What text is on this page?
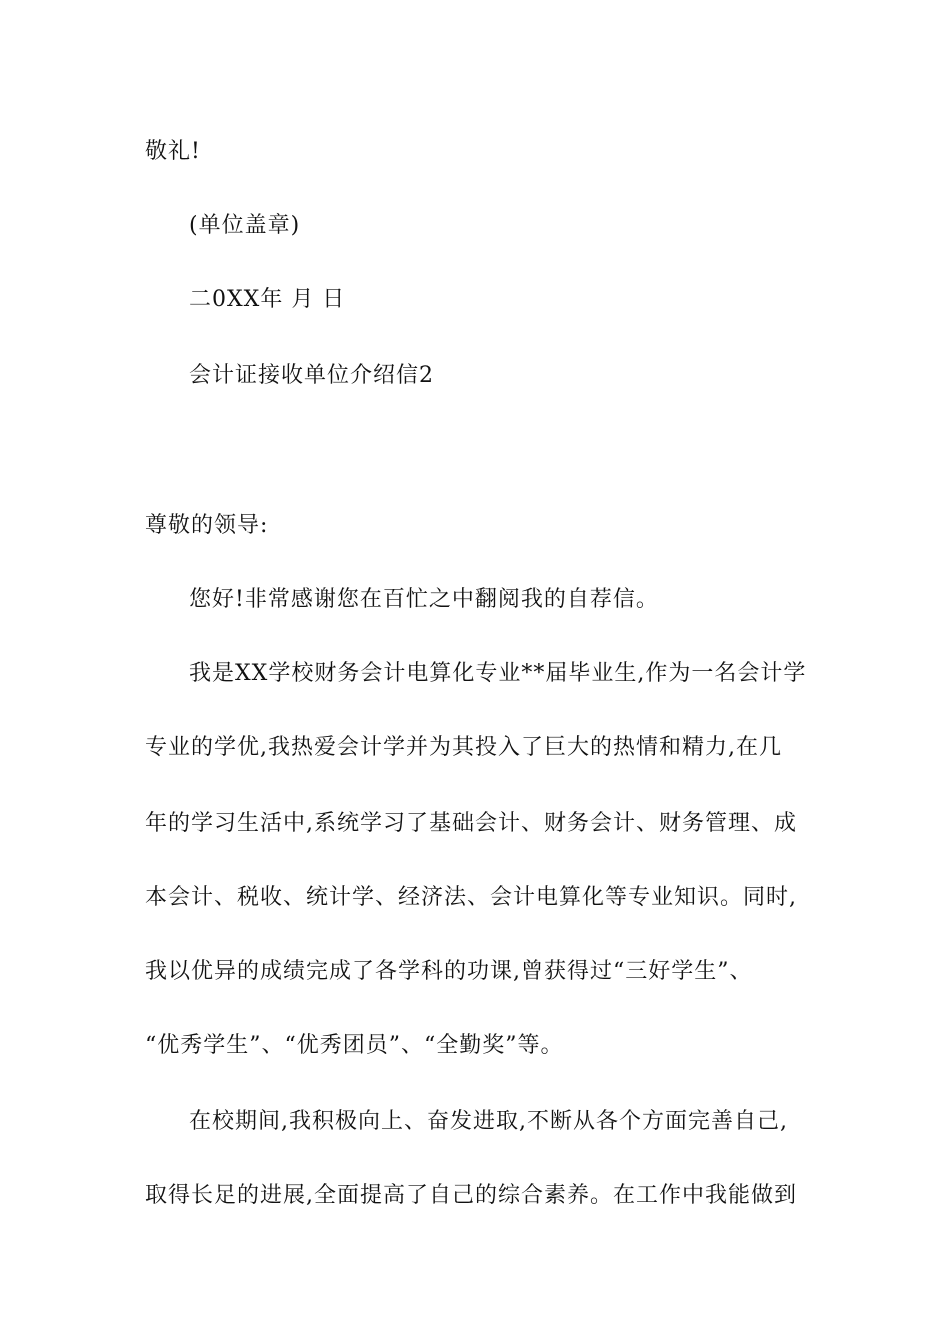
敬礼!
(单位盖章)
二0XX年 月 日
会计证接收单位介绍信2
尊敬的领导:
您好!非常感谢您在百忙之中翻阅我的自荐信。
我是XX学校财务会计电算化专业**届毕业生,作为一名会计学
专业的学优,我热爱会计学并为其投入了巨大的热情和精力,在几
年的学习生活中,系统学习了基础会计、财务会计、财务管理、成
本会计、税收、统计学、经济法、会计电算化等专业知识。同时,
我以优异的成绩完成了各学科的功课,曾获得过“三好学生”、
“优秀学生”、“优秀团员”、“全勤奖”等。
在校期间,我积极向上、奋发进取,不断从各个方面完善自己,
取得长足的进展,全面提高了自己的综合素养。在工作中我能做到
